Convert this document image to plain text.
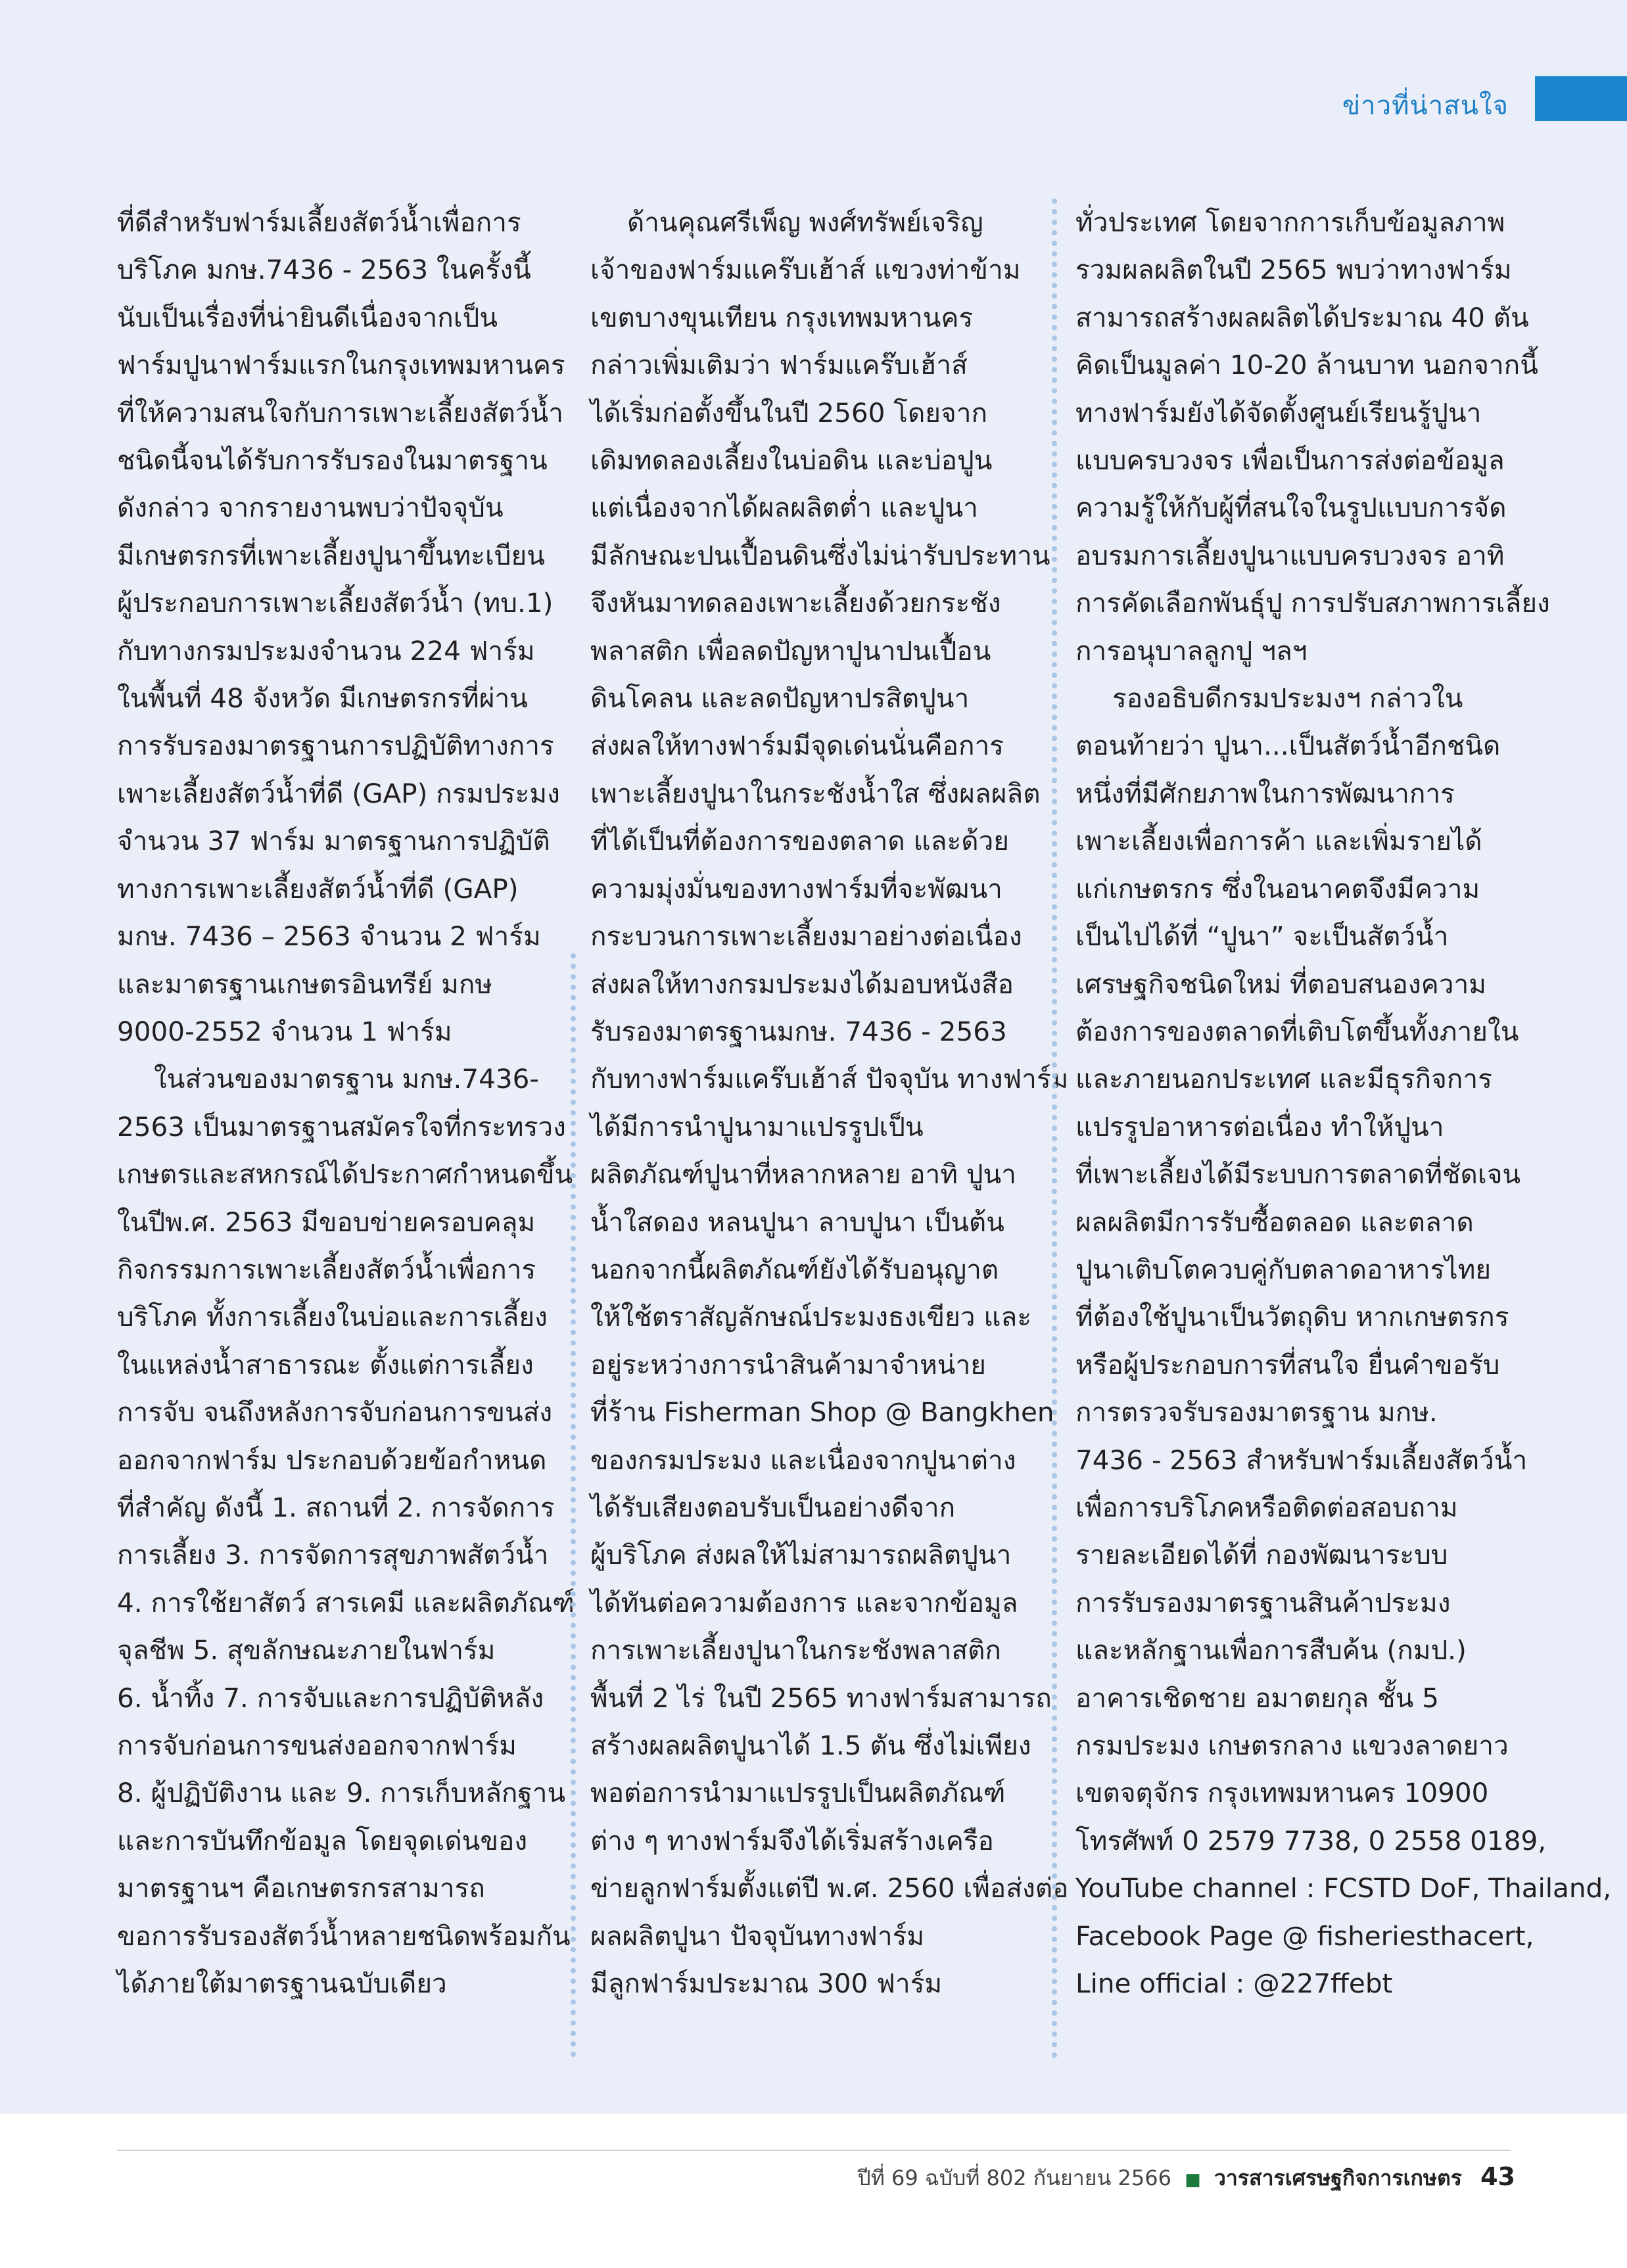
ข่าวที่น่าสนใจ
ที่ดีสำหรับฟาร์มเลี้ยงสัตว์น้ำเพื่อการ
บริโภค มกษ.7436 - 2563 ในครั้งนี้
นับเป็นเรื่องที่น่ายินดีเนื่องจากเป็น
ฟาร์มปูนาฟาร์มแรกในกรุงเทพมหานคร
ที่ให้ความสนใจกับการเพาะเลี้ยงสัตว์น้ำ
ชนิดนี้จนได้รับการรับรองในมาตรฐาน
ดังกล่าว จากรายงานพบว่าปัจจุบัน
มีเกษตรกรที่เพาะเลี้ยงปูนาขึ้นทะเบียน
ผู้ประกอบการเพาะเลี้ยงสัตว์น้ำ (ทบ.1)
กับทางกรมประมงจำนวน 224 ฟาร์ม
ในพื้นที่ 48 จังหวัด มีเกษตรกรที่ผ่าน
การรับรองมาตรฐานการปฏิบัติทางการ
เพาะเลี้ยงสัตว์น้ำที่ดี (GAP) กรมประมง
จำนวน 37 ฟาร์ม มาตรฐานการปฏิบัติ
ทางการเพาะเลี้ยงสัตว์น้ำที่ดี (GAP)
มกษ. 7436 – 2563 จำนวน 2 ฟาร์ม
และมาตรฐานเกษตรอินทรีย์ มกษ
9000-2552 จำนวน 1 ฟาร์ม
ในส่วนของมาตรฐาน มกษ.7436-
2563 เป็นมาตรฐานสมัครใจที่กระทรวง
เกษตรและสหกรณ์ได้ประกาศกำหนดขึ้น
ในปีพ.ศ. 2563 มีขอบข่ายครอบคลุม
กิจกรรมการเพาะเลี้ยงสัตว์น้ำเพื่อการ
บริโภค ทั้งการเลี้ยงในบ่อและการเลี้ยง
ในแหล่งน้ำสาธารณะ ตั้งแต่การเลี้ยง
การจับ จนถึงหลังการจับก่อนการขนส่ง
ออกจากฟาร์ม ประกอบด้วยข้อกำหนด
ที่สำคัญ ดังนี้ 1. สถานที่ 2. การจัดการ
การเลี้ยง 3. การจัดการสุขภาพสัตว์น้ำ
4. การใช้ยาสัตว์ สารเคมี และผลิตภัณฑ์
จุลชีพ 5. สุขลักษณะภายในฟาร์ม
6. น้ำทิ้ง 7. การจับและการปฏิบัติหลัง
การจับก่อนการขนส่งออกจากฟาร์ม
8. ผู้ปฏิบัติงาน และ 9. การเก็บหลักฐาน
และการบันทึกข้อมูล โดยจุดเด่นของ
มาตรฐานฯ คือเกษตรกรสามารถ
ขอการรับรองสัตว์น้ำหลายชนิดพร้อมกัน
ได้ภายใต้มาตรฐานฉบับเดียว
ด้านคุณศรีเพ็ญ พงศ์ทรัพย์เจริญ
เจ้าของฟาร์มแคร๊บเฮ้าส์ แขวงท่าข้าม
เขตบางขุนเทียน กรุงเทพมหานคร
กล่าวเพิ่มเติมว่า ฟาร์มแคร๊บเฮ้าส์
ได้เริ่มก่อตั้งขึ้นในปี 2560 โดยจาก
เดิมทดลองเลี้ยงในบ่อดิน และบ่อปูน
แต่เนื่องจากได้ผลผลิตต่ำ และปูนา
มีลักษณะปนเปื้อนดินซึ่งไม่น่ารับประทาน
จึงหันมาทดลองเพาะเลี้ยงด้วยกระชัง
พลาสติก เพื่อลดปัญหาปูนาปนเปื้อน
ดินโคลน และลดปัญหาปรสิตปูนา
ส่งผลให้ทางฟาร์มมีจุดเด่นนั่นคือการ
เพาะเลี้ยงปูนาในกระชังน้ำใส ซึ่งผลผลิต
ที่ได้เป็นที่ต้องการของตลาด และด้วย
ความมุ่งมั่นของทางฟาร์มที่จะพัฒนา
กระบวนการเพาะเลี้ยงมาอย่างต่อเนื่อง
ส่งผลให้ทางกรมประมงได้มอบหนังสือ
รับรองมาตรฐานมกษ. 7436 - 2563
กับทางฟาร์มแคร๊บเฮ้าส์ ปัจจุบัน ทางฟาร์ม
ได้มีการนำปูนามาแปรรูปเป็น
ผลิตภัณฑ์ปูนาที่หลากหลาย อาทิ ปูนา
น้ำใสดอง หลนปูนา ลาบปูนา เป็นต้น
นอกจากนี้ผลิตภัณฑ์ยังได้รับอนุญาต
ให้ใช้ตราสัญลักษณ์ประมงธงเขียว และ
อยู่ระหว่างการนำสินค้ามาจำหน่าย
ที่ร้าน Fisherman Shop @ Bangkhen
ของกรมประมง และเนื่องจากปูนาต่าง
ได้รับเสียงตอบรับเป็นอย่างดีจาก
ผู้บริโภค ส่งผลให้ไม่สามารถผลิตปูนา
ได้ทันต่อความต้องการ และจากข้อมูล
การเพาะเลี้ยงปูนาในกระชังพลาสติก
พื้นที่ 2 ไร่ ในปี 2565 ทางฟาร์มสามารถ
สร้างผลผลิตปูนาได้ 1.5 ตัน ซึ่งไม่เพียง
พอต่อการนำมาแปรรูปเป็นผลิตภัณฑ์
ต่าง ๆ ทางฟาร์มจึงได้เริ่มสร้างเครือ
ข่ายลูกฟาร์มตั้งแต่ปี พ.ศ. 2560 เพื่อส่งต่อ
ผลผลิตปูนา ปัจจุบันทางฟาร์ม
มีลูกฟาร์มประมาณ 300 ฟาร์ม
ทั่วประเทศ โดยจากการเก็บข้อมูลภาพ
รวมผลผลิตในปี 2565 พบว่าทางฟาร์ม
สามารถสร้างผลผลิตได้ประมาณ 40 ตัน
คิดเป็นมูลค่า 10-20 ล้านบาท นอกจากนี้
ทางฟาร์มยังได้จัดตั้งศูนย์เรียนรู้ปูนา
แบบครบวงจร เพื่อเป็นการส่งต่อข้อมูล
ความรู้ให้กับผู้ที่สนใจในรูปแบบการจัด
อบรมการเลี้ยงปูนาแบบครบวงจร อาทิ
การคัดเลือกพันธุ์ปู การปรับสภาพการเลี้ยง
การอนุบาลลูกปู ฯลฯ
รองอธิบดีกรมประมงฯ กล่าวใน
ตอนท้ายว่า ปูนา...เป็นสัตว์น้ำอีกชนิด
หนึ่งที่มีศักยภาพในการพัฒนาการ
เพาะเลี้ยงเพื่อการค้า และเพิ่มรายได้
แก่เกษตรกร ซึ่งในอนาคตจึงมีความ
เป็นไปได้ที่ “ปูนา” จะเป็นสัตว์น้ำ
เศรษฐกิจชนิดใหม่ ที่ตอบสนองความ
ต้องการของตลาดที่เติบโตขึ้นทั้งภายใน
และภายนอกประเทศ และมีธุรกิจการ
แปรรูปอาหารต่อเนื่อง ทำให้ปูนา
ที่เพาะเลี้ยงได้มีระบบการตลาดที่ชัดเจน
ผลผลิตมีการรับซื้อตลอด และตลาด
ปูนาเติบโตควบคู่กับตลาดอาหารไทย
ที่ต้องใช้ปูนาเป็นวัตถุดิบ หากเกษตรกร
หรือผู้ประกอบการที่สนใจ ยื่นคำขอรับ
การตรวจรับรองมาตรฐาน มกษ.
7436 - 2563 สำหรับฟาร์มเลี้ยงสัตว์น้ำ
เพื่อการบริโภคหรือติดต่อสอบถาม
รายละเอียดได้ที่ กองพัฒนาระบบ
การรับรองมาตรฐานสินค้าประมง
และหลักฐานเพื่อการสืบค้น (กมป.)
อาคารเชิดชาย อมาตยกุล ชั้น 5
กรมประมง เกษตรกลาง แขวงลาดยาว
เขตจตุจักร กรุงเทพมหานคร 10900
โทรศัพท์ 0 2579 7738, 0 2558 0189,
YouTube channel : FCSTD DoF, Thailand,
Facebook Page @ fisheriesthacert,
Line official : @227ffebt
ปีที่ 69 ฉบับที่ 802 กันยายน 2566 ■ วารสารเศรษฐกิจการเกษตร 43
